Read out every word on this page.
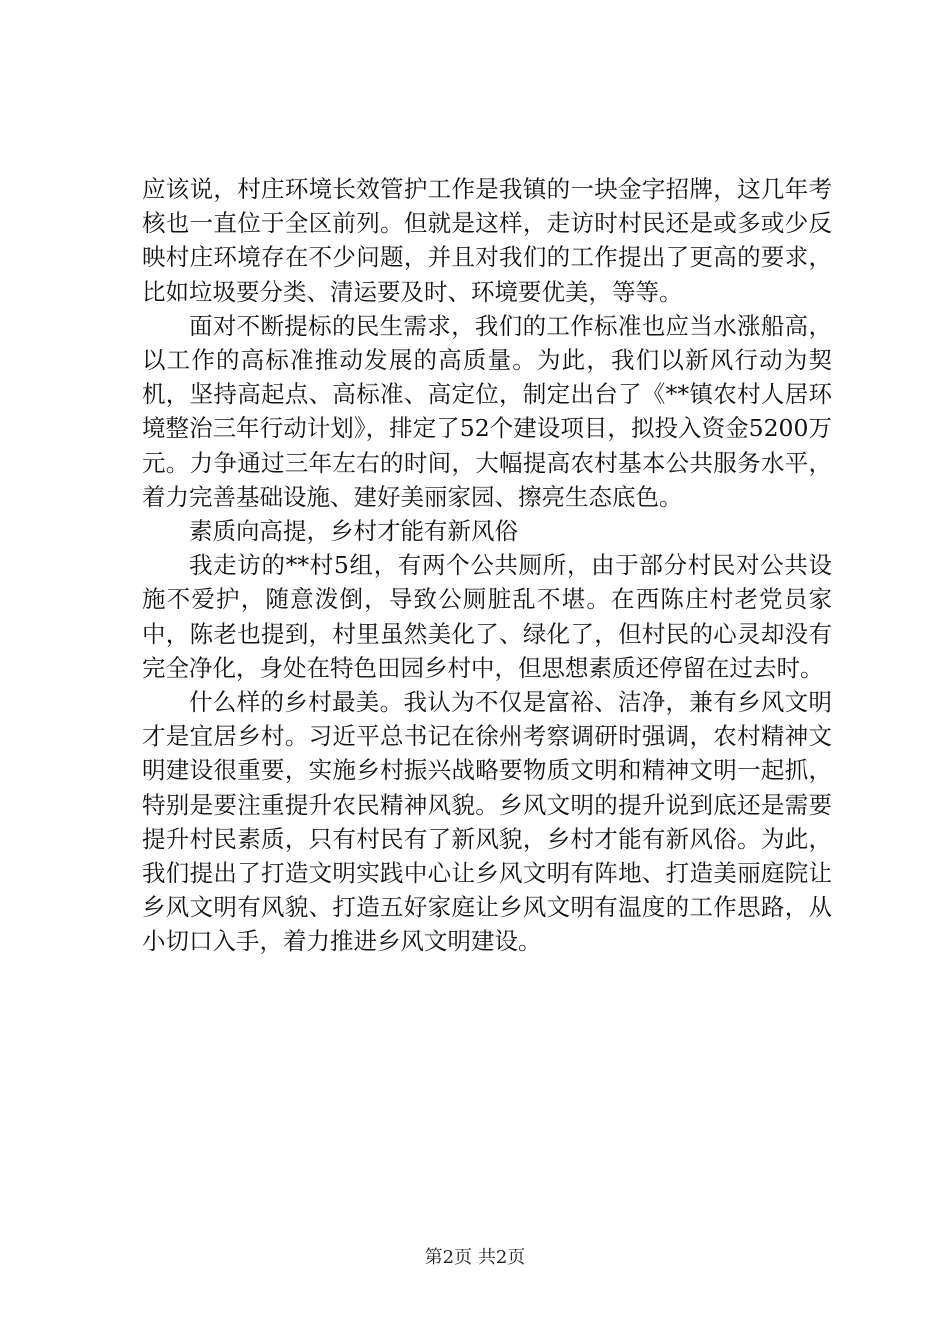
应该说，村庄环境长效管护工作是我镇的一块金字招牌，这几年考核也一直位于全区前列。但就是这样，走访时村民还是或多或少反映村庄环境存在不少问题，并且对我们的工作提出了更高的要求，比如垃圾要分类、清运要及时、环境要优美，等等。

面对不断提标的民生需求，我们的工作标准也应当水涨船高，以工作的高标准推动发展的高质量。为此，我们以新风行动为契机，坚持高起点、高标准、高定位，制定出台了《**镇农村人居环境整治三年行动计划》，排定了52个建设项目，拟投入资金5200万元。力争通过三年左右的时间，大幅提高农村基本公共服务水平，着力完善基础设施、建好美丽家园、擦亮生态底色。

素质向高提，乡村才能有新风俗

我走访的**村5组，有两个公共厕所，由于部分村民对公共设施不爱护，随意泼倒，导致公厕脏乱不堪。在西陈庄村老党员家中，陈老也提到，村里虽然美化了、绿化了，但村民的心灵却没有完全净化，身处在特色田园乡村中，但思想素质还停留在过去时。

什么样的乡村最美。我认为不仅是富裕、洁净，兼有乡风文明才是宜居乡村。习近平总书记在徐州考察调研时强调，农村精神文明建设很重要，实施乡村振兴战略要物质文明和精神文明一起抓，特别是要注重提升农民精神风貌。乡风文明的提升说到底还是需要提升村民素质，只有村民有了新风貌，乡村才能有新风俗。为此，我们提出了打造文明实践中心让乡风文明有阵地、打造美丽庭院让乡风文明有风貌、打造五好家庭让乡风文明有温度的工作思路，从小切口入手，着力推进乡风文明建设。

第2页 共2页
